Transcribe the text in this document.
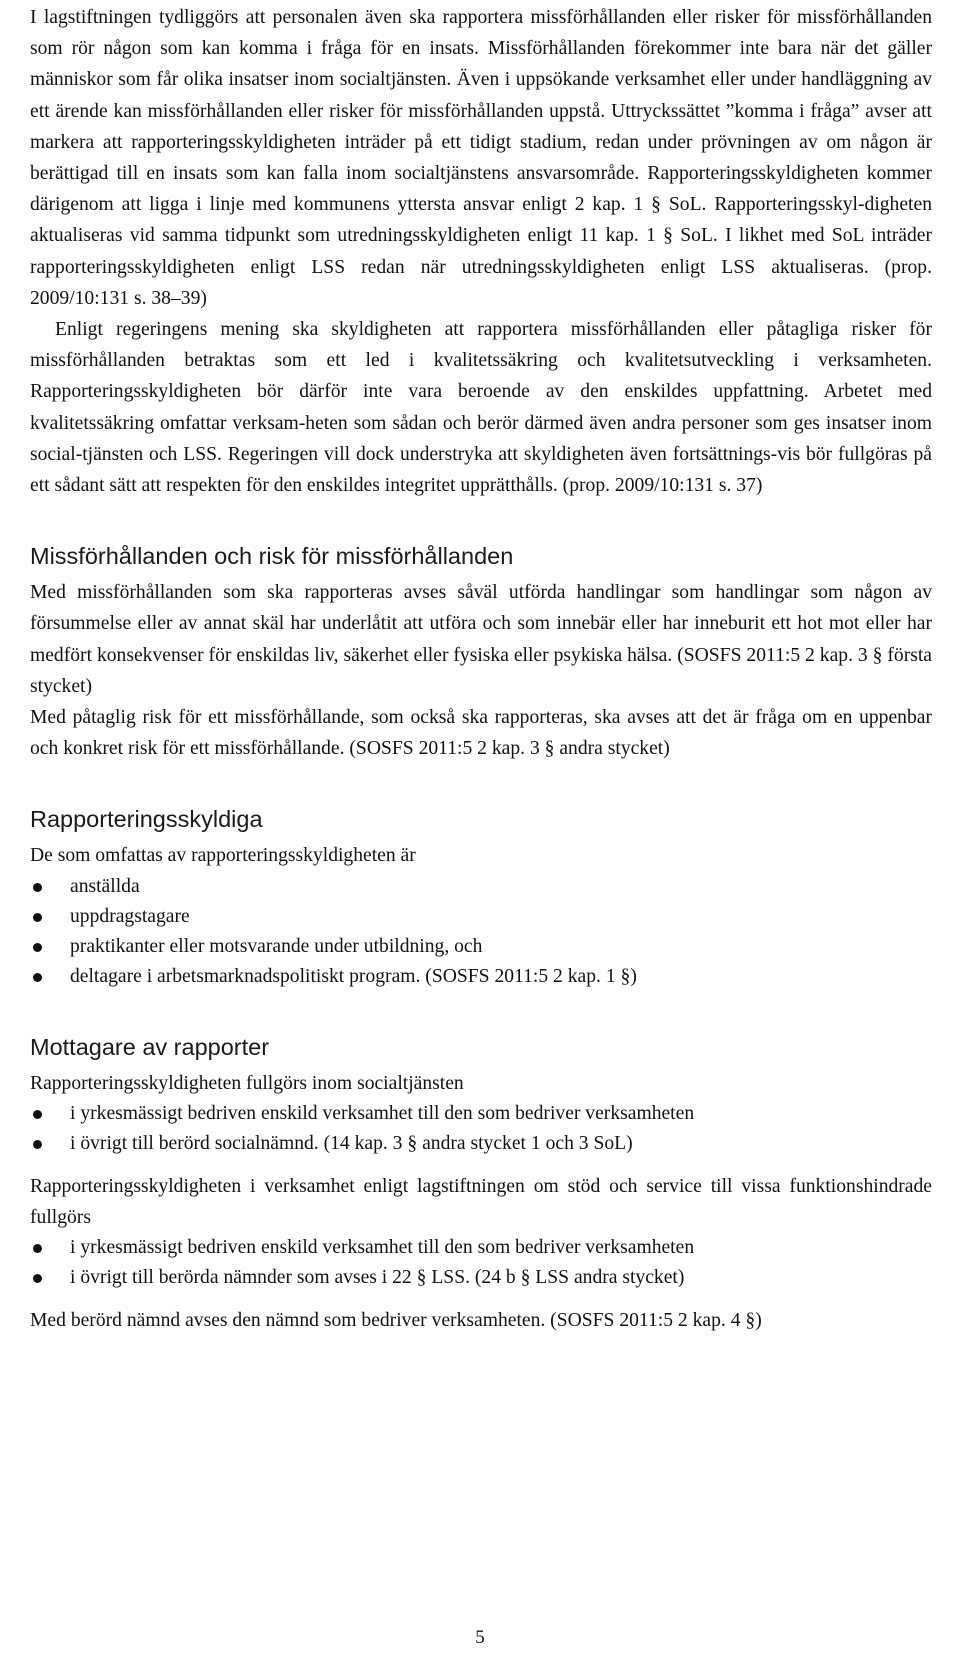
I lagstiftningen tydliggörs att personalen även ska rapportera missförhållanden eller risker för missförhållanden som rör någon som kan komma i fråga för en insats. Missförhållanden förekommer inte bara när det gäller människor som får olika insatser inom socialtjänsten. Även i uppsökande verksamhet eller under handläggning av ett ärende kan missförhållanden eller risker för missförhållanden uppstå. Uttryckssättet ”komma i fråga” avser att markera att rapporteringsskyldigheten inträder på ett tidigt stadium, redan under prövningen av om någon är berättigad till en insats som kan falla inom socialtjänstens ansvarsområde. Rapporteringsskyldigheten kommer därigenom att ligga i linje med kommunens yttersta ansvar enligt 2 kap. 1 § SoL. Rapporteringsskyl-digheten aktualiseras vid samma tidpunkt som utredningsskyldigheten enligt 11 kap. 1 § SoL. I likhet med SoL inträder rapporteringsskyldigheten enligt LSS redan när utredningsskyldigheten enligt LSS aktualiseras. (prop. 2009/10:131 s. 38–39)

Enligt regeringens mening ska skyldigheten att rapportera missförhållanden eller påtagliga risker för missförhållanden betraktas som ett led i kvalitetssäkring och kvalitetsutveckling i verksamheten. Rapporteringsskyldigheten bör därför inte vara beroende av den enskildes uppfattning. Arbetet med kvalitetssäkring omfattar verksam-heten som sådan och berör därmed även andra personer som ges insatser inom social-tjänsten och LSS. Regeringen vill dock understryka att skyldigheten även fortsättnings-vis bör fullgöras på ett sådant sätt att respekten för den enskildes integritet upprätthålls. (prop. 2009/10:131 s. 37)

Missförhållanden och risk för missförhållanden

Med missförhållanden som ska rapporteras avses såväl utförda handlingar som handlingar som någon av försummelse eller av annat skäl har underlåtit att utföra och som innebär eller har inneburit ett hot mot eller har medfört konsekvenser för enskildas liv, säkerhet eller fysiska eller psykiska hälsa. (SOSFS 2011:5 2 kap. 3 § första stycket)

Med påtaglig risk för ett missförhållande, som också ska rapporteras, ska avses att det är fråga om en uppenbar och konkret risk för ett missförhållande. (SOSFS 2011:5 2 kap. 3 § andra stycket)

Rapporteringsskyldiga

De som omfattas av rapporteringsskyldigheten är

anställda
uppdragstagare
praktikanter eller motsvarande under utbildning, och
deltagare i arbetsmarknadspolitiskt program. (SOSFS 2011:5 2 kap. 1 §)
Mottagare av rapporter

Rapporteringsskyldigheten fullgörs inom socialtjänsten

i yrkesmässigt bedriven enskild verksamhet till den som bedriver verksamheten
i övrigt till berörd socialnämnd. (14 kap. 3 § andra stycket 1 och 3 SoL)

Rapporteringsskyldigheten i verksamhet enligt lagstiftningen om stöd och service till vissa funktionshindrade fullgörs

i yrkesmässigt bedriven enskild verksamhet till den som bedriver verksamheten
i övrigt till berörda nämnder som avses i 22 § LSS. (24 b § LSS andra stycket)

Med berörd nämnd avses den nämnd som bedriver verksamheten. (SOSFS 2011:5 2 kap. 4 §)

5
